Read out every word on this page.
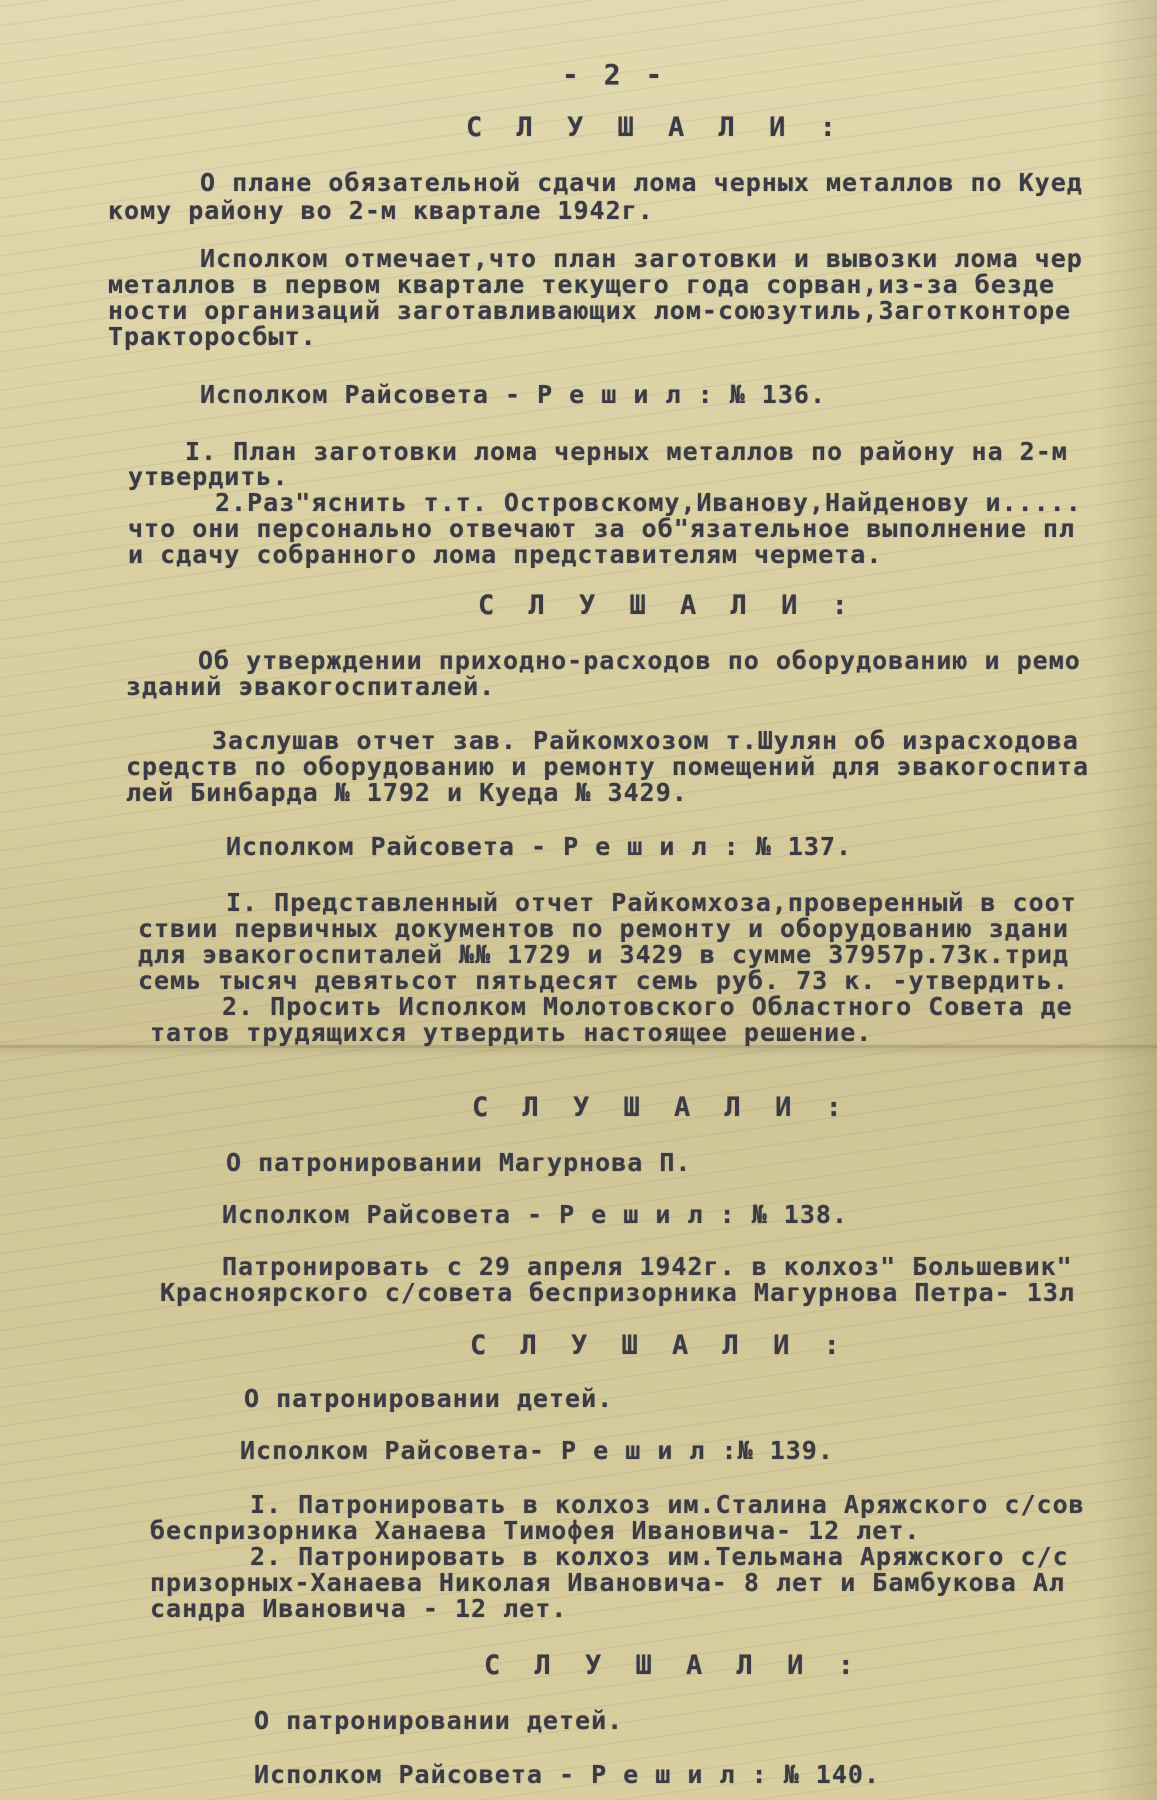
- 2 -
С Л У Ш А Л И :
О плане обязательной сдачи лома черных металлов по Куед
кому району во 2-м квартале 1942г.
Исполком отмечает,что план заготовки и вывозки лома чер
металлов в первом квартале текущего года сорван,из-за безде
ности организаций заготавливающих лом-союзутиль,Заготконторе
Тракторосбыт.
Исполком Райсовета - Р е ш и л : № 136.
I. План заготовки лома черных металлов по району на 2-м
утвердить.
2.Раз"яснить т.т. Островскому,Иванову,Найденову и.....
что они персонально отвечают за об"язательное выполнение пл
и сдачу собранного лома представителям чермета.
С Л У Ш А Л И :
Об утверждении приходно-расходов по оборудованию и ремо
зданий эвакогоспиталей.
Заслушав отчет зав. Райкомхозом т.Шулян об израсходова
средств по оборудованию и ремонту помещений для эвакогоспита
лей Бинбарда № 1792 и Куеда № 3429.
Исполком Райсовета - Р е ш и л : № 137.
I. Представленный отчет Райкомхоза,проверенный в соот
ствии первичных документов по ремонту и оборудованию здани
для эвакогоспиталей №№ 1729 и 3429 в сумме 37957р.73к.трид
семь тысяч девятьсот пятьдесят семь руб. 73 к. -утвердить.
2. Просить Исполком Молотовского Областного Совета де
татов трудящихся утвердить настоящее решение.
С Л У Ш А Л И :
О патронировании Магурнова П.
Исполком Райсовета - Р е ш и л : № 138.
Патронировать с 29 апреля 1942г. в колхоз" Большевик"
Красноярского с/совета беспризорника Магурнова Петра- 13л
С Л У Ш А Л И :
О патронировании детей.
Исполком Райсовета- Р е ш и л :№ 139.
I. Патронировать в колхоз им.Сталина Аряжского с/сов
беспризорника Ханаева Тимофея Ивановича- 12 лет.
2. Патронировать в колхоз им.Тельмана Аряжского с/с
призорных-Ханаева Николая Ивановича- 8 лет и Бамбукова Ал
сандра Ивановича - 12 лет.
С Л У Ш А Л И :
О патронировании детей.
Исполком Райсовета - Р е ш и л : № 140.
